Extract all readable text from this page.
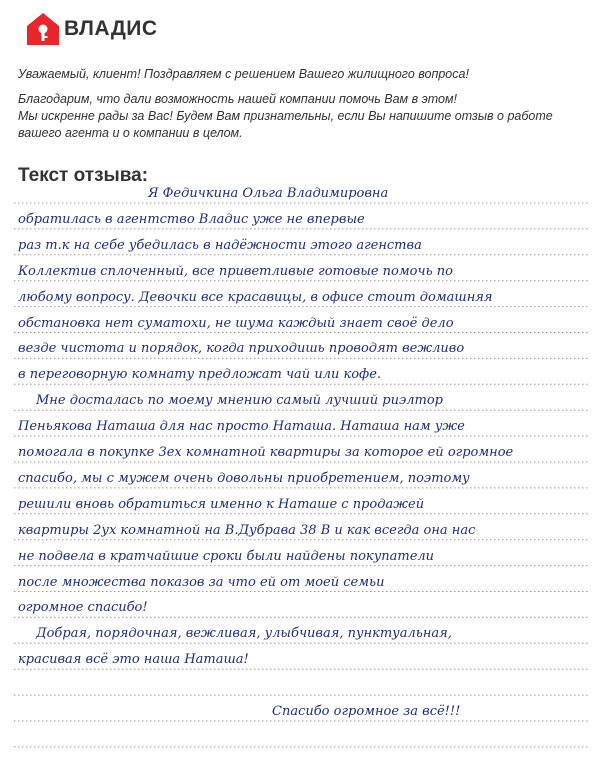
ВЛАДИС

Уважаемый, клиент! Поздравляем с решением Вашего жилищного вопроса!

Благодарим, что дали возможность нашей компании помочь Вам в этом!

Мы искренне рады за Вас! Будем Вам признательны, если Вы напишите отзыв о работе

вашего агента и о компании в целом.

Текст отзыва:
Я Федичкина Ольга Владимировна
обратилась в агентство Владис уже не впервые
раз т.к на себе убедилась в надёжности этого агенства
Коллектив сплоченный, все приветливые готовые помочь по
любому вопросу. Девочки все красавицы, в офисе стоит домашняя
обстановка нет суматохи, не шума каждый знает своё дело
везде чистота и порядок, когда приходишь проводят вежливо
в переговорную комнату предложат чай или кофе.
Мне досталась по моему мнению самый лучший риэлтор
Пеньякова Наташа для нас просто Наташа. Наташа нам уже
помогала в покупке 3ех комнатной квартиры за которое ей огромное
спасибо, мы с мужем очень довольны приобретением, поэтому
решили вновь обратиться именно к Наташе с продажей
квартиры 2ух комнатной на В.Дубрава 38 В и как всегда она нас
не подвела в кратчайшие сроки были найдены покупатели
после множества показов за что ей от моей семьи
огромное спасибо!
Добрая, порядочная, вежливая, улыбчивая, пунктуальная,
красивая всё это наша Наташа!
Спасибо огромное за всё!!!
